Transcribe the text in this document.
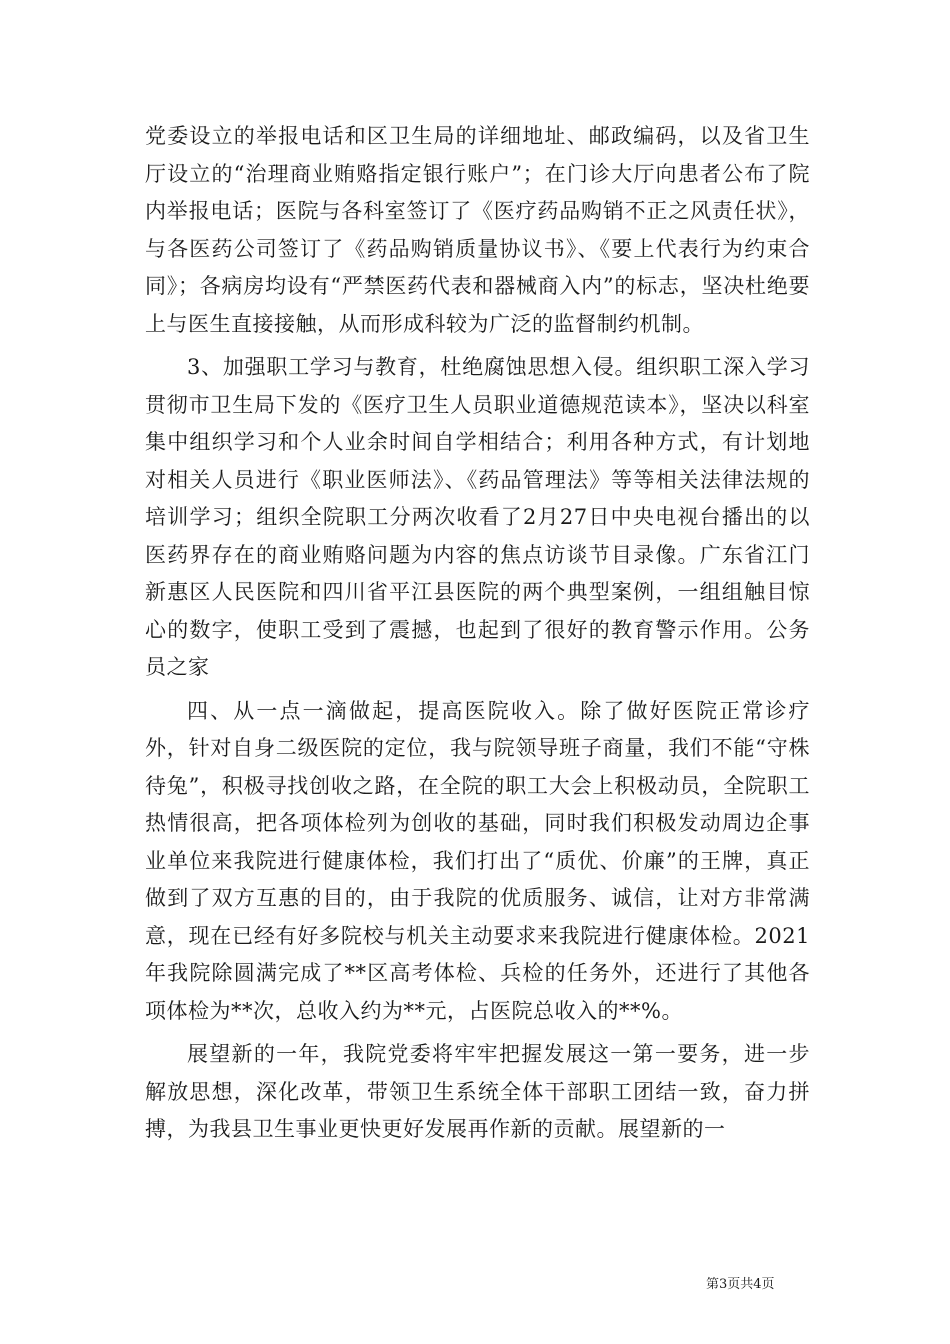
党委设立的举报电话和区卫生局的详细地址、邮政编码，以及省卫生厅设立的“治理商业贿赂指定银行账户”；在门诊大厅向患者公布了院内举报电话；医院与各科室签订了《医疗药品购销不正之风责任状》，与各医药公司签订了《药品购销质量协议书》、《要上代表行为约束合同》；各病房均设有“严禁医药代表和器械商入内”的标志，坚决杜绝要上与医生直接接触，从而形成科较为广泛的监督制约机制。

3、加强职工学习与教育，杜绝腐蚀思想入侵。组织职工深入学习贯彻市卫生局下发的《医疗卫生人员职业道德规范读本》，坚决以科室集中组织学习和个人业余时间自学相结合；利用各种方式，有计划地对相关人员进行《职业医师法》、《药品管理法》等等相关法律法规的培训学习；组织全院职工分两次收看了2月27日中央电视台播出的以医药界存在的商业贿赂问题为内容的焦点访谈节目录像。广东省江门新惠区人民医院和四川省平江县医院的两个典型案例，一组组触目惊心的数字，使职工受到了震撼，也起到了很好的教育警示作用。公务员之家

四、从一点一滴做起，提高医院收入。除了做好医院正常诊疗外，针对自身二级医院的定位，我与院领导班子商量，我们不能“守株待兔”，积极寻找创收之路，在全院的职工大会上积极动员，全院职工热情很高，把各项体检列为创收的基础，同时我们积极发动周边企事业单位来我院进行健康体检，我们打出了“质优、价廉”的王牌，真正做到了双方互惠的目的，由于我院的优质服务、诚信，让对方非常满意，现在已经有好多院校与机关主动要求来我院进行健康体检。2021年我院除圆满完成了**区高考体检、兵检的任务外，还进行了其他各项体检为**次，总收入约为**元，占医院总收入的**%。

展望新的一年，我院党委将牢牢把握发展这一第一要务，进一步解放思想，深化改革，带领卫生系统全体干部职工团结一致，奋力拼搏，为我县卫生事业更快更好发展再作新的贡献。展望新的一

第3页共4页
